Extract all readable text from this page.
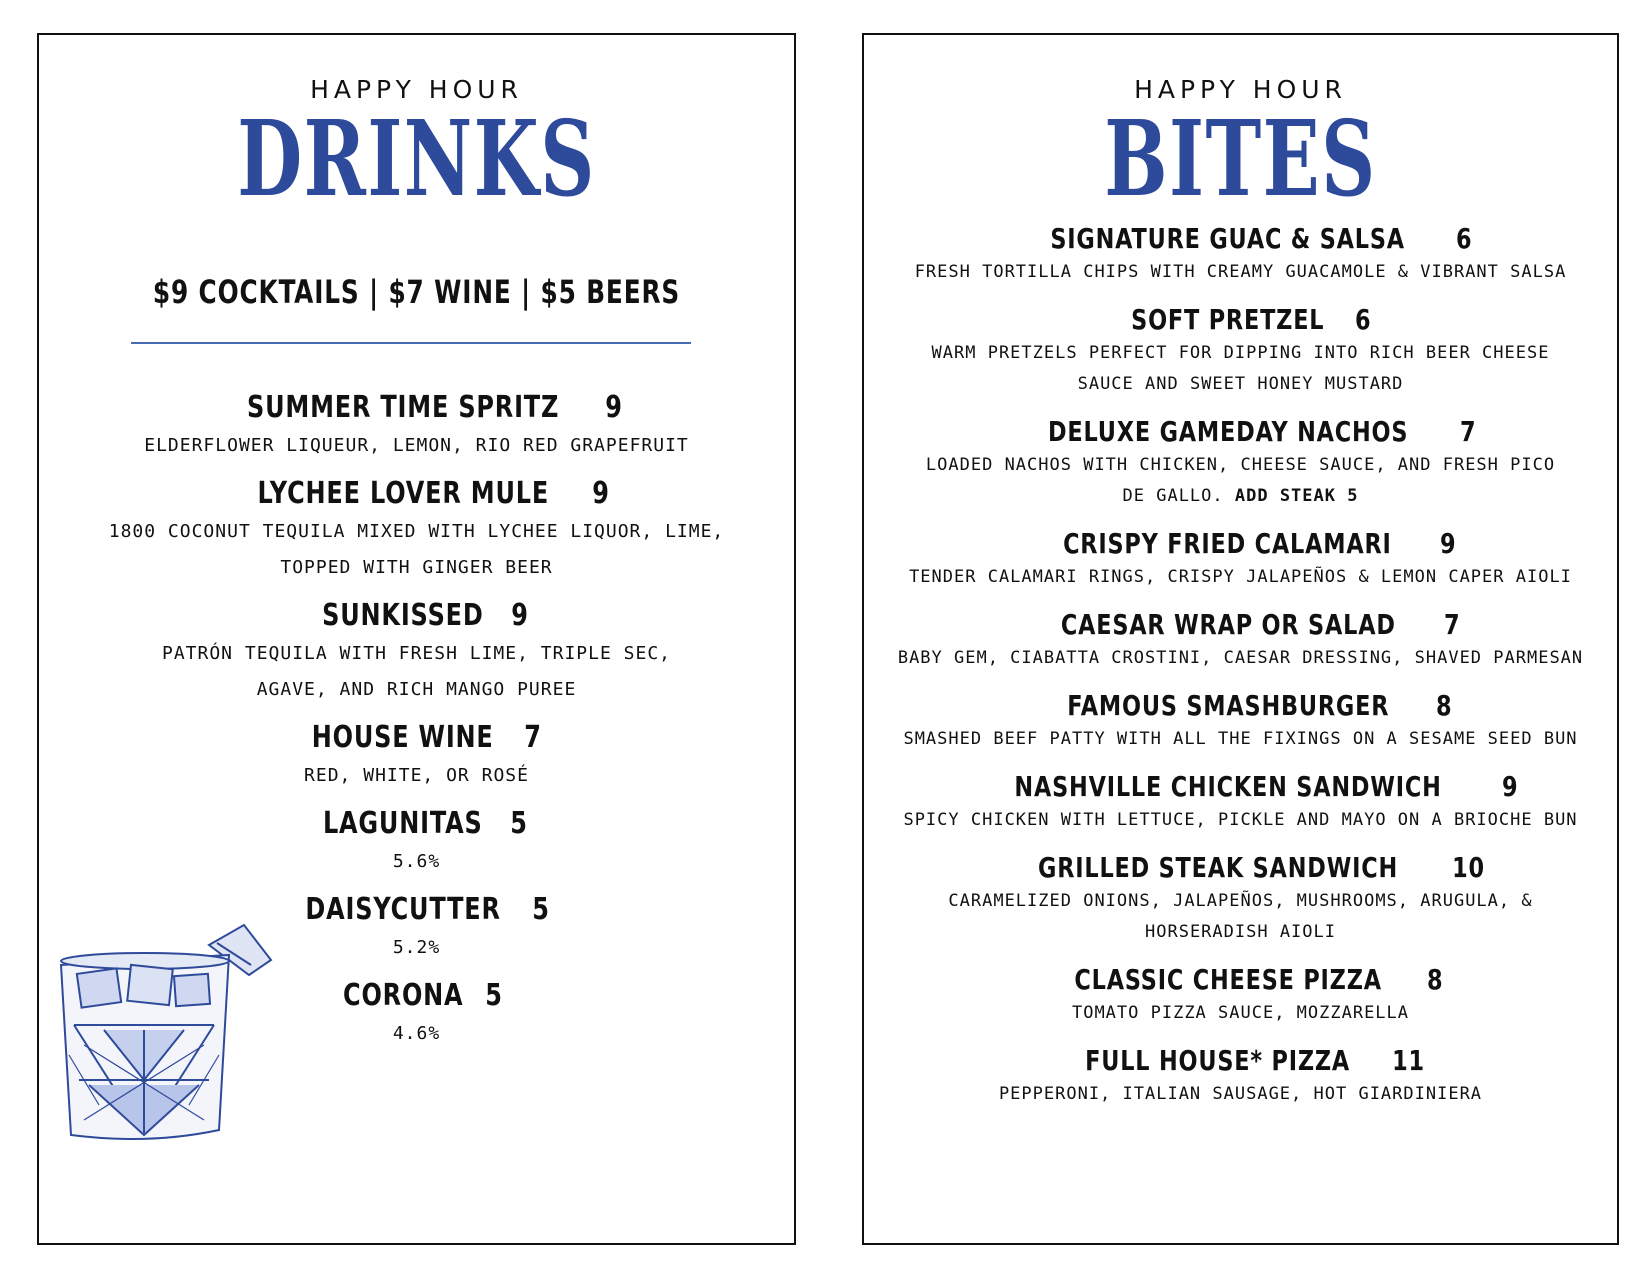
HAPPY HOUR
DRINKS
$9 COCKTAILS | $7 WINE | $5 BEERS
SUMMER TIME SPRITZ 9
ELDERFLOWER LIQUEUR, LEMON, RIO RED GRAPEFRUIT
LYCHEE LOVER MULE 9
1800 COCONUT TEQUILA MIXED WITH LYCHEE LIQUOR, LIME,
TOPPED WITH GINGER BEER
SUNKISSED 9
PATRÓN TEQUILA WITH FRESH LIME, TRIPLE SEC,
AGAVE, AND RICH MANGO PUREE
HOUSE WINE 7
RED, WHITE, OR ROSÉ
LAGUNITAS 5
5.6%
DAISYCUTTER 5
5.2%
CORONA 5
4.6%
HAPPY HOUR
BITES
SIGNATURE GUAC & SALSA 6
FRESH TORTILLA CHIPS WITH CREAMY GUACAMOLE & VIBRANT SALSA
SOFT PRETZEL 6
WARM PRETZELS PERFECT FOR DIPPING INTO RICH BEER CHEESE
SAUCE AND SWEET HONEY MUSTARD
DELUXE GAMEDAY NACHOS 7
LOADED NACHOS WITH CHICKEN, CHEESE SAUCE, AND FRESH PICO
DE GALLO. ADD STEAK 5
CRISPY FRIED CALAMARI 9
TENDER CALAMARI RINGS, CRISPY JALAPEÑOS & LEMON CAPER AIOLI
CAESAR WRAP OR SALAD 7
BABY GEM, CIABATTA CROSTINI, CAESAR DRESSING, SHAVED PARMESAN
FAMOUS SMASHBURGER 8
SMASHED BEEF PATTY WITH ALL THE FIXINGS ON A SESAME SEED BUN
NASHVILLE CHICKEN SANDWICH 9
SPICY CHICKEN WITH LETTUCE, PICKLE AND MAYO ON A BRIOCHE BUN
GRILLED STEAK SANDWICH 10
CARAMELIZED ONIONS, JALAPEÑOS, MUSHROOMS, ARUGULA, &
HORSERADISH AIOLI
CLASSIC CHEESE PIZZA 8
TOMATO PIZZA SAUCE, MOZZARELLA
FULL HOUSE* PIZZA 11
PEPPERONI, ITALIAN SAUSAGE, HOT GIARDINIERA
